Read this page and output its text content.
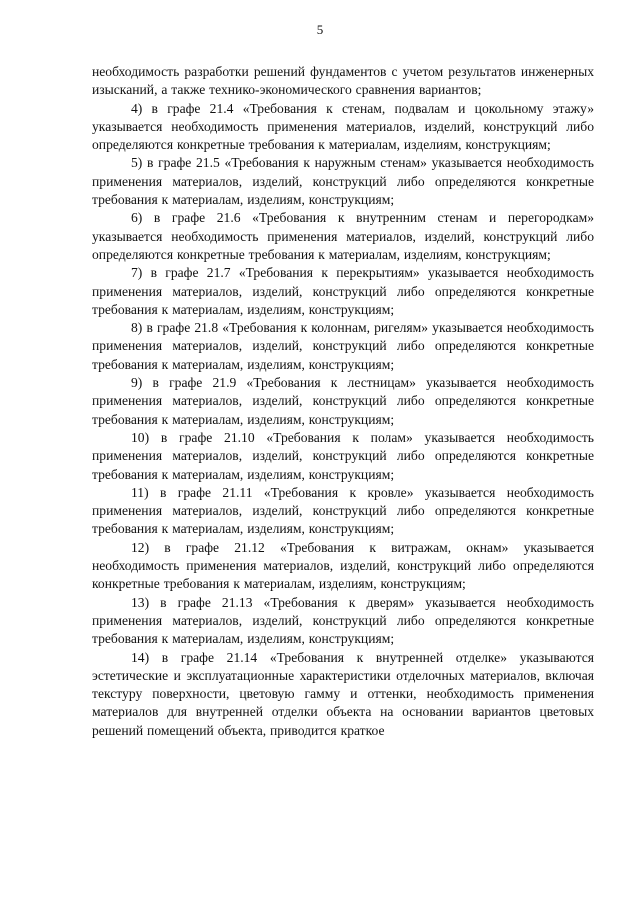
5

необходимость разработки решений фундаментов с учетом результатов инженерных изысканий, а также технико-экономического сравнения вариантов;

4) в графе 21.4 «Требования к стенам, подвалам и цокольному этажу» указывается необходимость применения материалов, изделий, конструкций либо определяются конкретные требования к материалам, изделиям, конструкциям;

5) в графе 21.5 «Требования к наружным стенам» указывается необходимость применения материалов, изделий, конструкций либо определяются конкретные требования к материалам, изделиям, конструкциям;

6) в графе 21.6 «Требования к внутренним стенам и перегородкам» указывается необходимость применения материалов, изделий, конструкций либо определяются конкретные требования к материалам, изделиям, конструкциям;

7) в графе 21.7 «Требования к перекрытиям» указывается необходимость применения материалов, изделий, конструкций либо определяются конкретные требования к материалам, изделиям, конструкциям;

8) в графе 21.8 «Требования к колоннам, ригелям» указывается необходимость применения материалов, изделий, конструкций либо определяются конкретные требования к материалам, изделиям, конструкциям;

9) в графе 21.9 «Требования к лестницам» указывается необходимость применения материалов, изделий, конструкций либо определяются конкретные требования к материалам, изделиям, конструкциям;

10) в графе 21.10 «Требования к полам» указывается необходимость применения материалов, изделий, конструкций либо определяются конкретные требования к материалам, изделиям, конструкциям;

11) в графе 21.11 «Требования к кровле» указывается необходимость применения материалов, изделий, конструкций либо определяются конкретные требования к материалам, изделиям, конструкциям;

12) в графе 21.12 «Требования к витражам, окнам» указывается необходимость применения материалов, изделий, конструкций либо определяются конкретные требования к материалам, изделиям, конструкциям;

13) в графе 21.13 «Требования к дверям» указывается необходимость применения материалов, изделий, конструкций либо определяются конкретные требования к материалам, изделиям, конструкциям;

14) в графе 21.14 «Требования к внутренней отделке» указываются эстетические и эксплуатационные характеристики отделочных материалов, включая текстуру поверхности, цветовую гамму и оттенки, необходимость применения материалов для внутренней отделки объекта на основании вариантов цветовых решений помещений объекта, приводится краткое
